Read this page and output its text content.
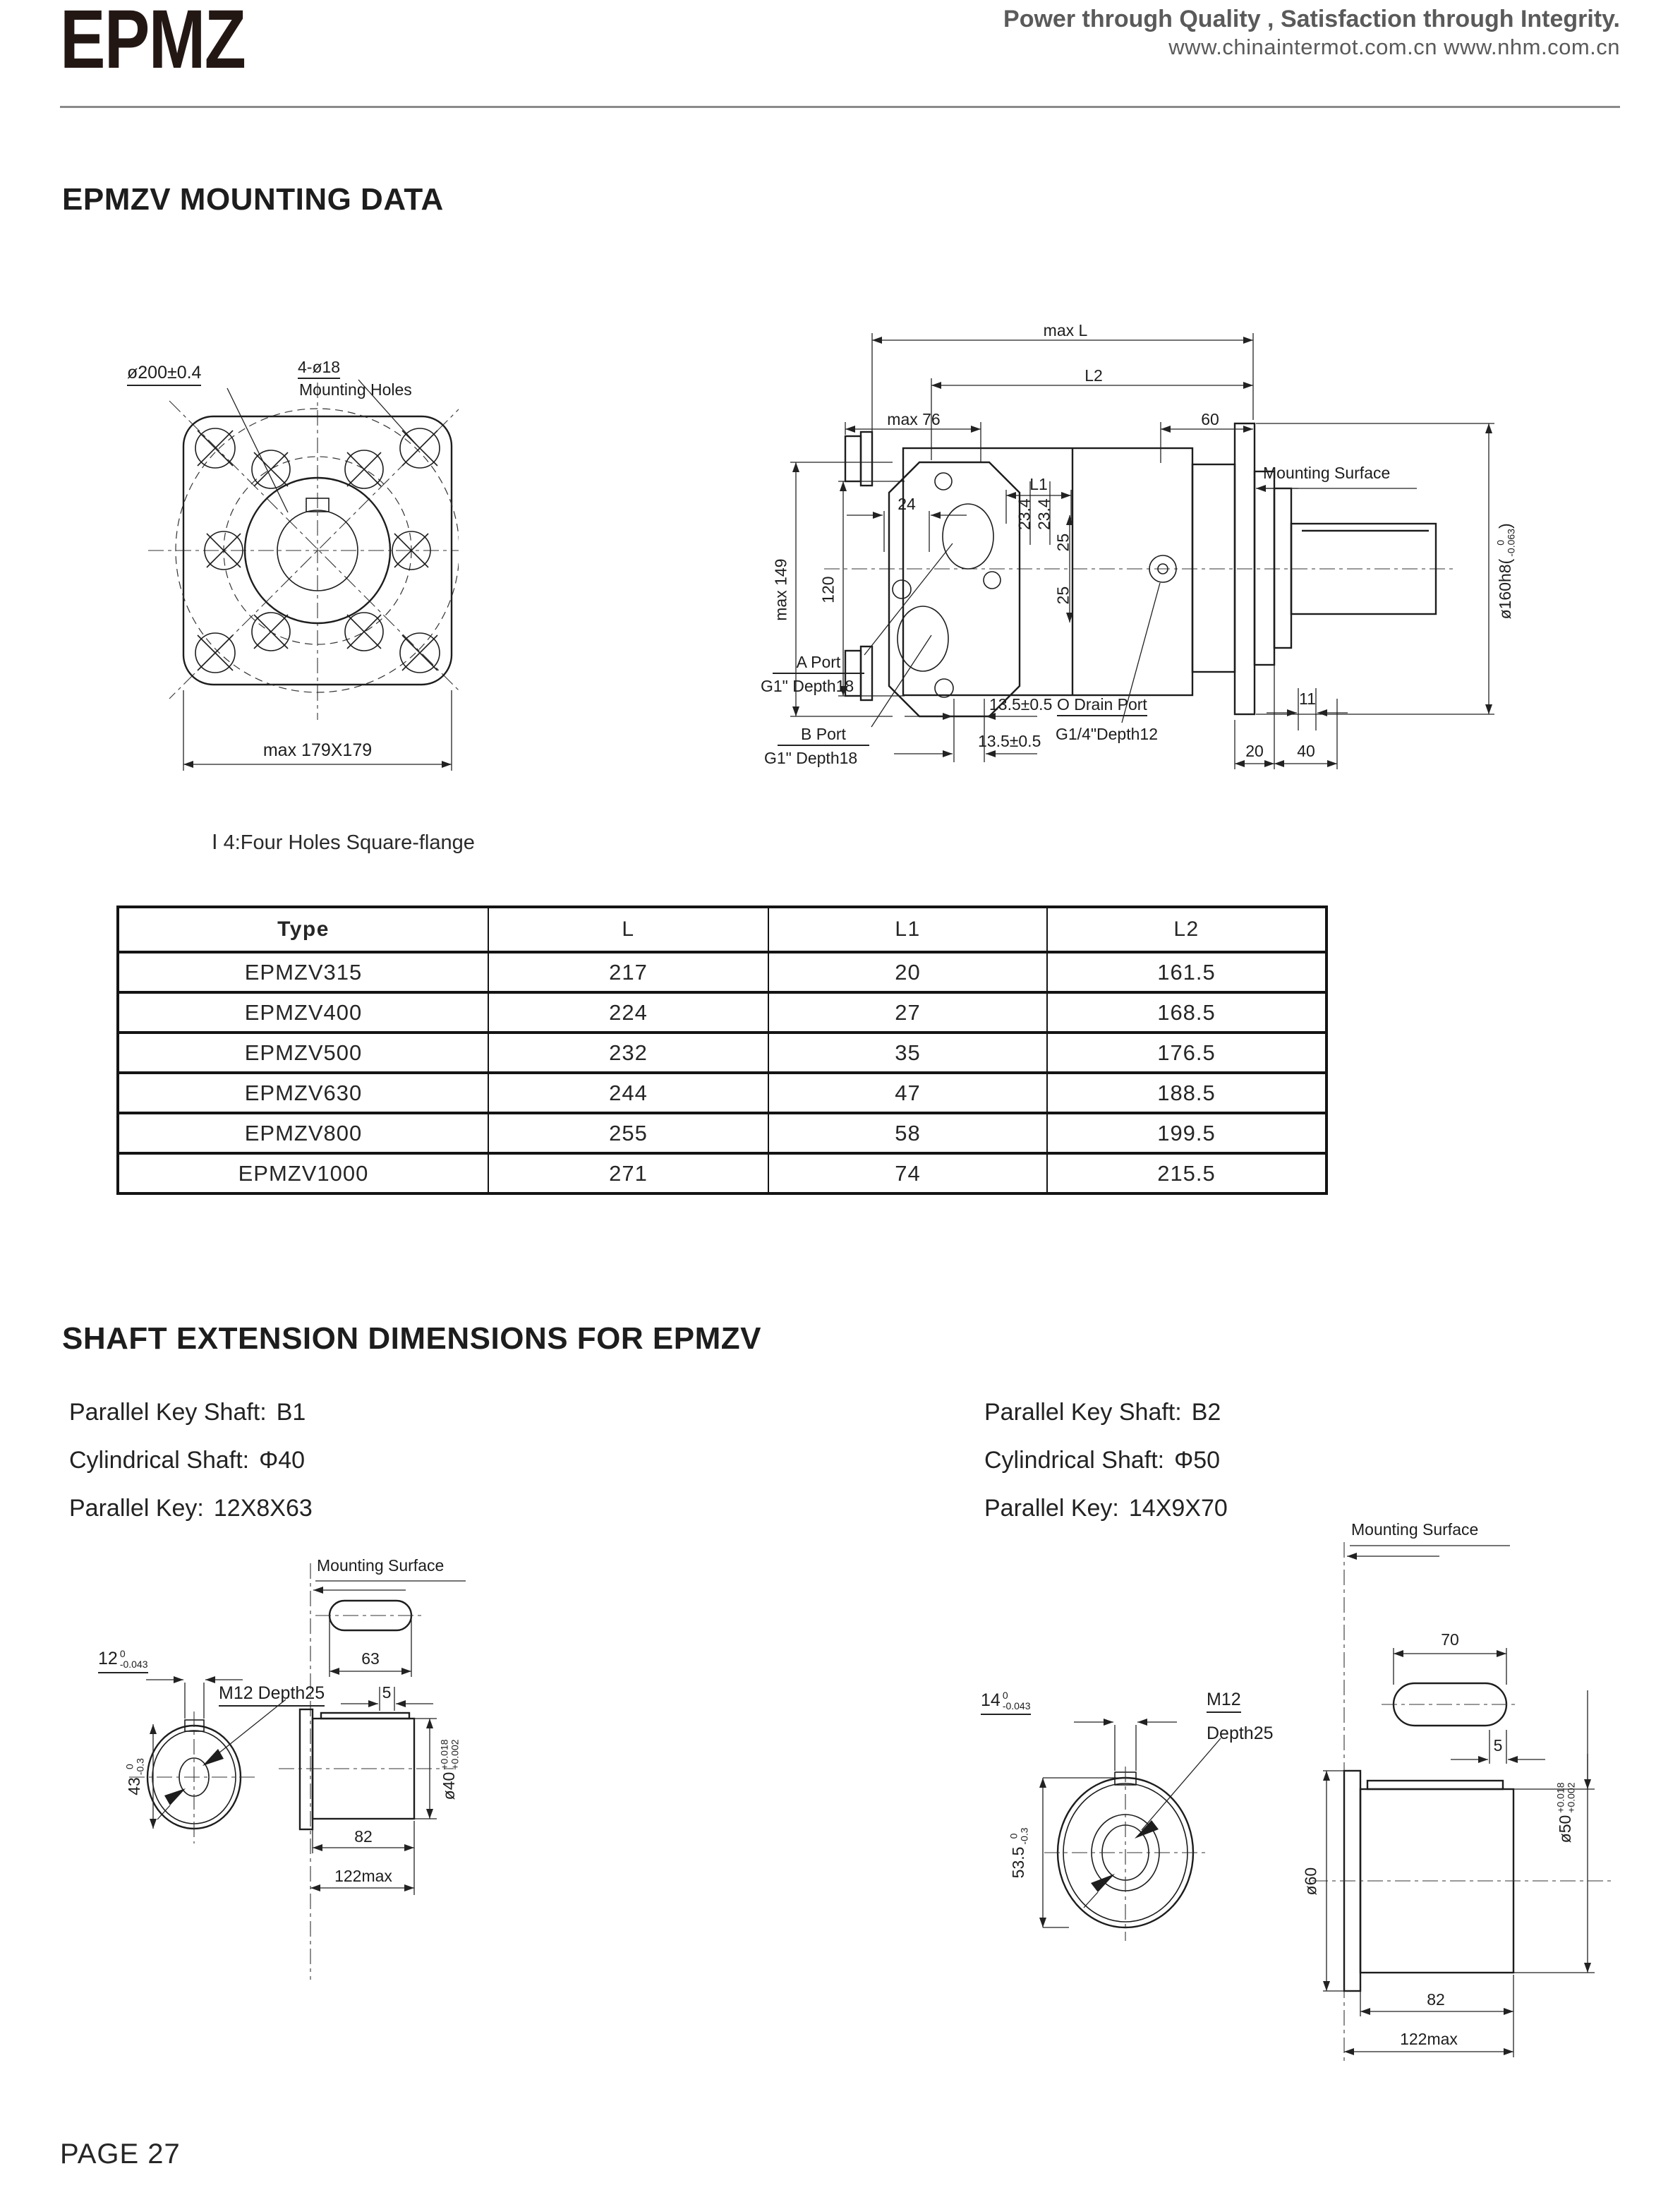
EPMZ	Power through Quality , Satisfaction through Integrity.
www.chinaintermot.com.cn www.nhm.com.cn
EPMZV MOUNTING DATA
ø200±0.4	4-ø18
Mounting Holes
max 179X179
max L
L2
max 76	60
Mounting Surface
24
L1
max 149 120
23.4 23.4
25
25	ø160h8(
0 -0.063
)
A Port
G1" Depth18
B Port
G1" Depth18
13.5±0.5
13.5±0.5
O Drain Port
G1/4"Depth12
11
20	40
Ⅰ 4:Four Holes Square-flange
Type	L	L1	L2
EPMZV315	217	20	161.5
EPMZV400	224	27	168.5
EPMZV500	232	35	176.5
EPMZV630	244	47	188.5
EPMZV800	255	58	199.5
EPMZV1000	271	74	215.5
SHAFT EXTENSION DIMENSIONS FOR EPMZV
Parallel Key Shaft: B1
Cylindrical Shaft: Φ40
Parallel Key: 12X8X63
Parallel Key Shaft: B2
Cylindrical Shaft: Φ50
Parallel Key: 14X9X70
Mounting Surface
63
5
12 0
-0.043
M12 Depth25
43
0 -0.3
ø40
+0.018 +0.002
82
122max
Mounting Surface
70
5
14 0
-0.043	M12
Depth25
53.5
0 -0.3
ø60
ø50
+0.018 +0.002
82
122max
PAGE 27
